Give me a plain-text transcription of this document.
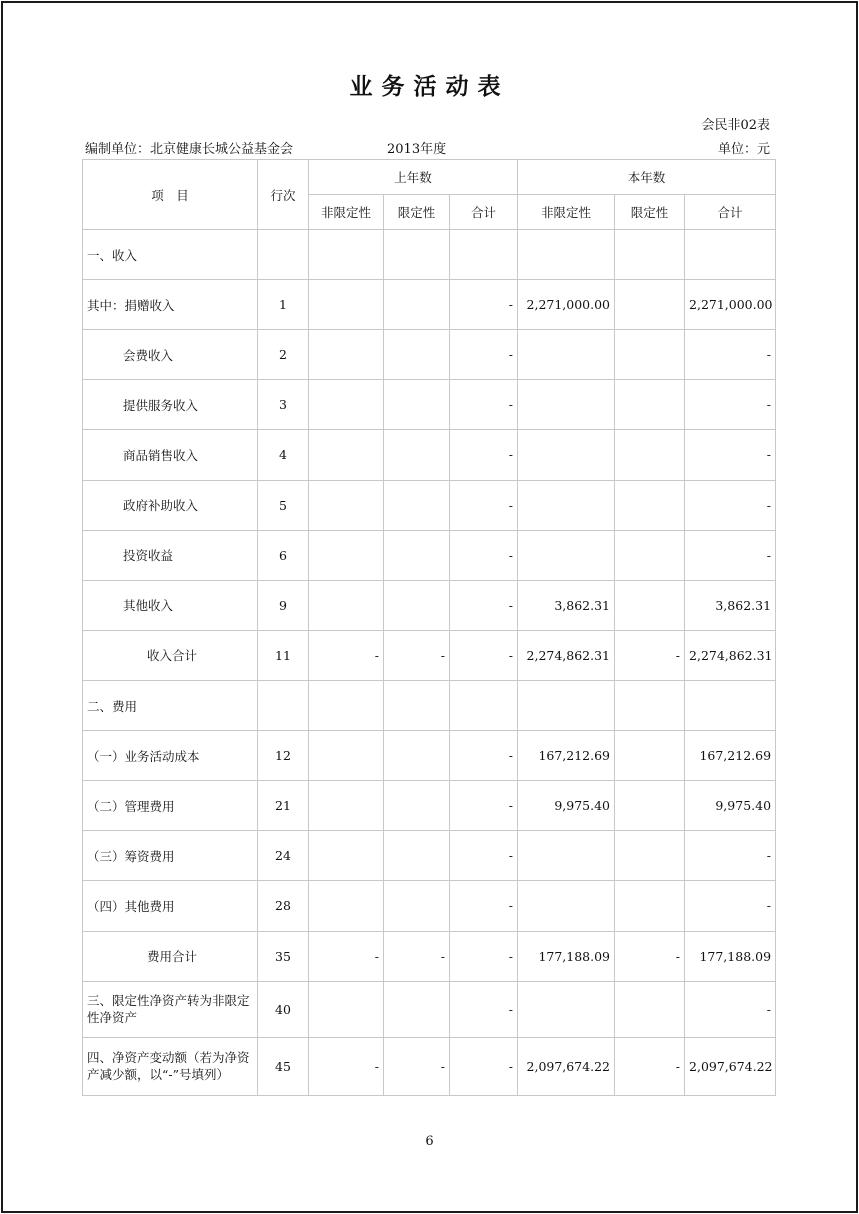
业务活动表
会民非02表
编制单位：北京健康长城公益基金会	2013年度	单位：元
项　目	行次	上年数			本年数		
		非限定性	限定性	合计	非限定性	限定性	合计
一、收入							
其中：捐赠收入	1			-	2,271,000.00		2,271,000.00
会费收入	2			-			-
提供服务收入	3			-			-
商品销售收入	4			-			-
政府补助收入	5			-			-
投资收益	6			-			-
其他收入	9			-	3,862.31		3,862.31
收入合计	11	-	-	-	2,274,862.31	-	2,274,862.31
二、费用							
（一）业务活动成本	12			-	167,212.69		167,212.69
（二）管理费用	21			-	9,975.40		9,975.40
（三）筹资费用	24			-			-
（四）其他费用	28			-			-
费用合计	35	-	-	-	177,188.09	-	177,188.09
三、限定性净资产转为非限定性净资产	40			-			-
四、净资产变动额（若为净资产减少额，以“-”号填列）	45	-	-	-	2,097,674.22	-	2,097,674.22
6
